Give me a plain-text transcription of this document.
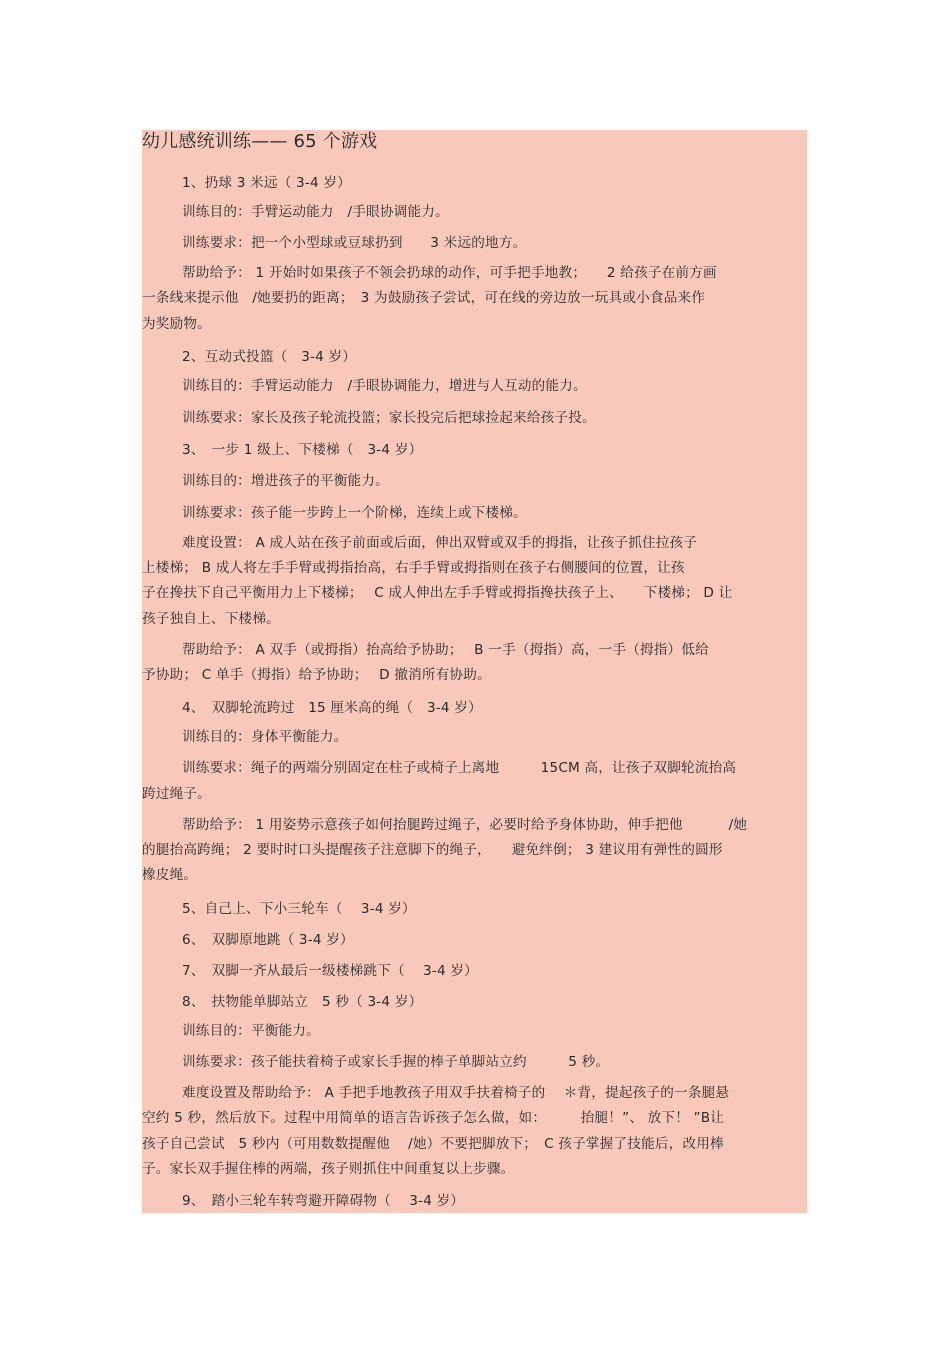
幼儿感统训练—— 65 个游戏
1、扔球 3 米远（ 3-4 岁）
训练目的：手臂运动能力　/手眼协调能力。
训练要求：把一个小型球或豆球扔到　　3 米远的地方。
帮助给予： 1 开始时如果孩子不领会扔球的动作，可手把手地教；　　2 给孩子在前方画
一条线来提示他　/她要扔的距离；　3 为鼓励孩子尝试，可在线的旁边放一玩具或小食品来作
为奖励物。
2、互动式投篮（　3-4 岁）
训练目的：手臂运动能力　/手眼协调能力，增进与人互动的能力。
训练要求：家长及孩子轮流投篮；家长投完后把球捡起来给孩子投。
3、　一步 1 级上、下楼梯（　3-4 岁）
训练目的：增进孩子的平衡能力。
训练要求：孩子能一步跨上一个阶梯，连续上或下楼梯。
难度设置： A 成人站在孩子前面或后面，伸出双臂或双手的拇指，让孩子抓住拉孩子
上楼梯； B 成人将左手手臂或拇指抬高，右手手臂或拇指则在孩子右侧腰间的位置，让孩
子在搀扶下自己平衡用力上下楼梯；　 C 成人伸出左手手臂或拇指搀扶孩子上、　　下楼梯； D 让
孩子独自上、下楼梯。
帮助给予： A 双手（或拇指）抬高给予协助；　 B 一手（拇指）高，一手（拇指）低给
予协助； C 单手（拇指）给予协助；　 D 撤消所有协助。
4、　双脚轮流跨过　15 厘米高的绳（　3-4 岁）
训练目的：身体平衡能力。
训练要求：绳子的两端分别固定在柱子或椅子上离地　　　15CM 高，让孩子双脚轮流抬高
跨过绳子。
帮助给予： 1 用姿势示意孩子如何抬腿跨过绳子，必要时给予身体协助，伸手把他　　　 /她
的腿抬高跨绳； 2 要时时口头提醒孩子注意脚下的绳子，　　避免绊倒； 3 建议用有弹性的圆形
橡皮绳。
5、自己上、下小三轮车（　 3-4 岁）
6、　双脚原地跳（ 3-4 岁）
7、　双脚一齐从最后一级楼梯跳下（　 3-4 岁）
8、　扶物能单脚站立　5 秒（ 3-4 岁）
训练目的：平衡能力。
训练要求：孩子能扶着椅子或家长手握的棒子单脚站立约　　　5 秒。
难度设置及帮助给予： A 手把手地教孩子用双手扶着椅子的　 ＊背，提起孩子的一条腿悬
空约 5 秒，然后放下。过程中用简单的语言告诉孩子怎么做，如：　　　抬腿！”、 放下！ ”B让
孩子自己尝试　5 秒内（可用数数提醒他　 /她）不要把脚放下；　C 孩子掌握了技能后，改用棒
子。家长双手握住棒的两端，孩子则抓住中间重复以上步骤。
9、　踏小三轮车转弯避开障碍物（　 3-4 岁）
